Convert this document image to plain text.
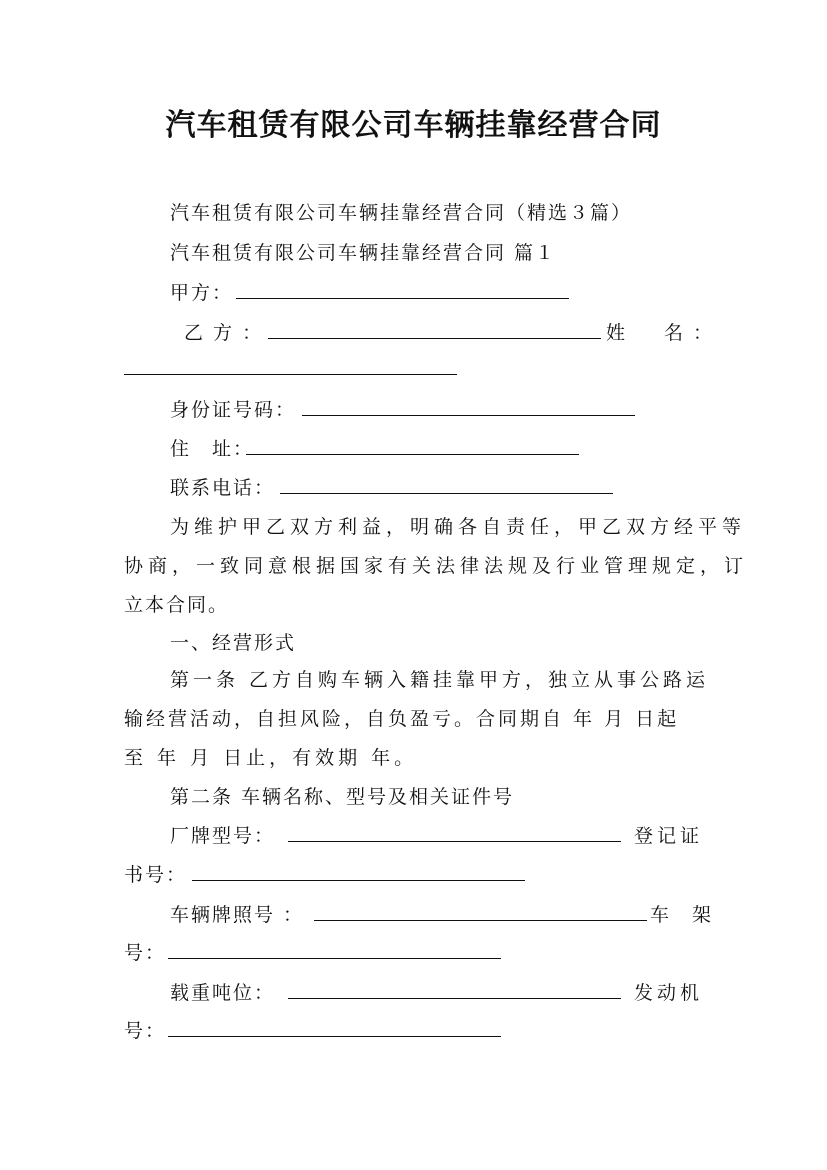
汽车租赁有限公司车辆挂靠经营合同
汽车租赁有限公司车辆挂靠经营合同（精选３篇）
汽车租赁有限公司车辆挂靠经营合同 篇１
甲方：
乙 方 ：	姓　名：
身份证号码：
住　址：
联系电话：
为维护甲乙双方利益，明确各自责任，甲乙双方经平等
协商，一致同意根据国家有关法律法规及行业管理规定，订
立本合同。
一、经营形式
第一条 乙方自购车辆入籍挂靠甲方，独立从事公路运
输经营活动，自担风险，自负盈亏。合同期自 年 月 日起
至 年 月 日止，有效期 年。
第二条 车辆名称、型号及相关证件号
厂牌型号：	登记证
书号：
车辆牌照号 ：	车　架
号：
载重吨位：	发动机
号：
